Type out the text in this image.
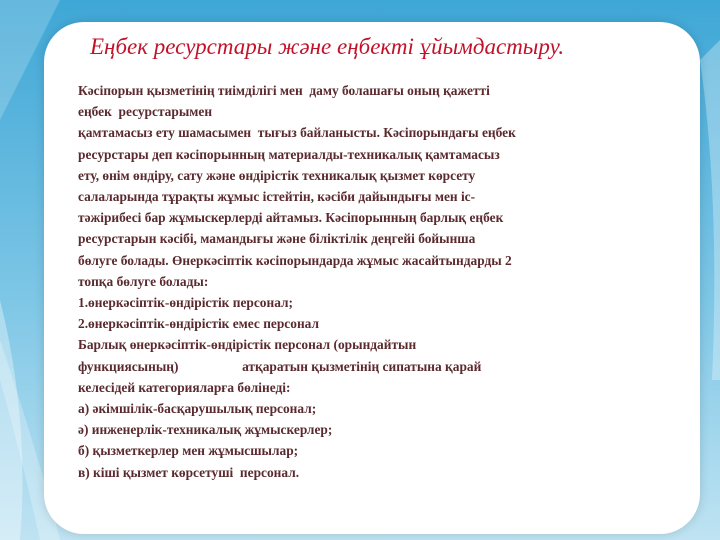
Еңбек ресурстары және еңбекті ұйымдастыру.
Кәсіпорын қызметінің тиімділігі мен  даму болашағы оның қажетті
еңбек  ресурстарымен
қамтамасыз ету шамасымен  тығыз байланысты. Кәсіпорындағы еңбек
ресурстары деп кәсіпорынның материалды-техникалық қамтамасыз
ету, өнім өндіру, сату және өндірістік техникалық қызмет көрсету
салаларында тұрақты жұмыс істейтін, кәсіби дайындығы мен іс-
тәжірибесі бар жұмыскерлерді айтамыз. Кәсіпорынның барлық еңбек
ресурстарын кәсібі, мамандығы және біліктілік деңгейі бойынша
бөлуге болады. Өнеркәсіптік кәсіпорындарда жұмыс жасайтындарды 2
топқа бөлуге болады:
1.өнеркәсіптік-өндірістік персонал;
2.өнеркәсіптік-өндірістік емес персонал
Барлық өнеркәсіптік-өндірістік персонал (орындайтын
функциясының)                   атқаратын қызметінің сипатына қарай
келесідей категорияларға бөлінеді:
а) әкімшілік-басқарушылық персонал;
ә) инженерлік-техникалық жұмыскерлер;
б) қызметкерлер мен жұмысшылар;
в) кіші қызмет көрсетуші  персонал.
